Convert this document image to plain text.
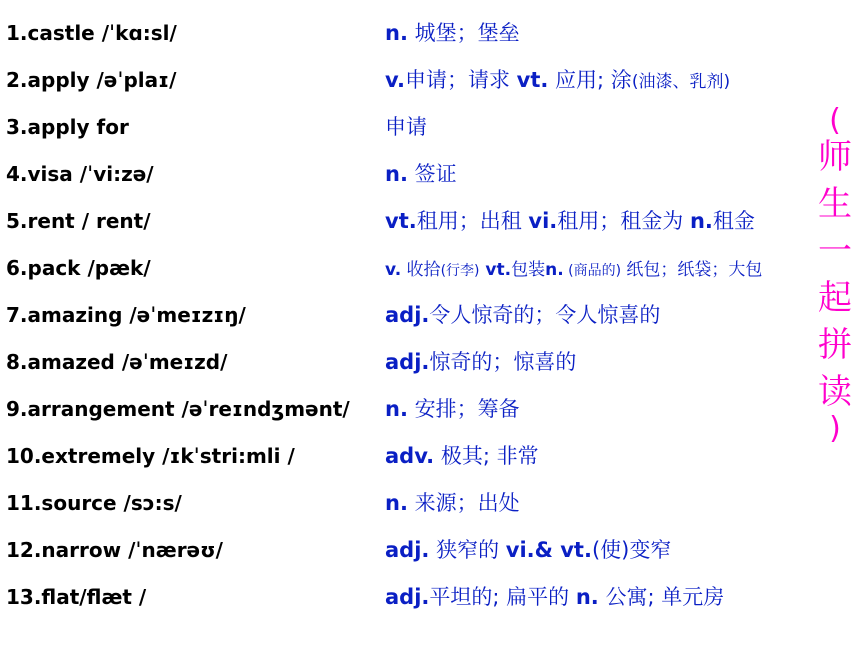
1.castle /ˈkɑ:sl/	n. 城堡；堡垒
2.apply /əˈplaɪ/	v.申请；请求 vt. 应用; 涂(油漆、乳剂)
3.apply for	申请
4.visa /ˈvi:zə/	n. 签证
5.rent / rent/	vt.租用；出租 vi.租用；租金为 n.租金
6.pack /pæk/	v. 收拾(行李) vt.包装n. (商品的) 纸包；纸袋；大包
7.amazing /əˈmeɪzɪŋ/	adj.令人惊奇的；令人惊喜的
8.amazed /əˈmeɪzd/	adj.惊奇的；惊喜的
9.arrangement /əˈreɪndʒmənt/ n. 安排；筹备
10.extremely /ɪkˈstri:mli /	adv. 极其; 非常
11.source /sɔ:s/	n. 来源；出处
12.narrow /ˈnærəʊ/	adj. 狭窄的 vi.& vt.(使)变窄
13.flat/flæt /	adj.平坦的; 扁平的 n. 公寓; 单元房
(
师
生
一
起
拼
读
)
